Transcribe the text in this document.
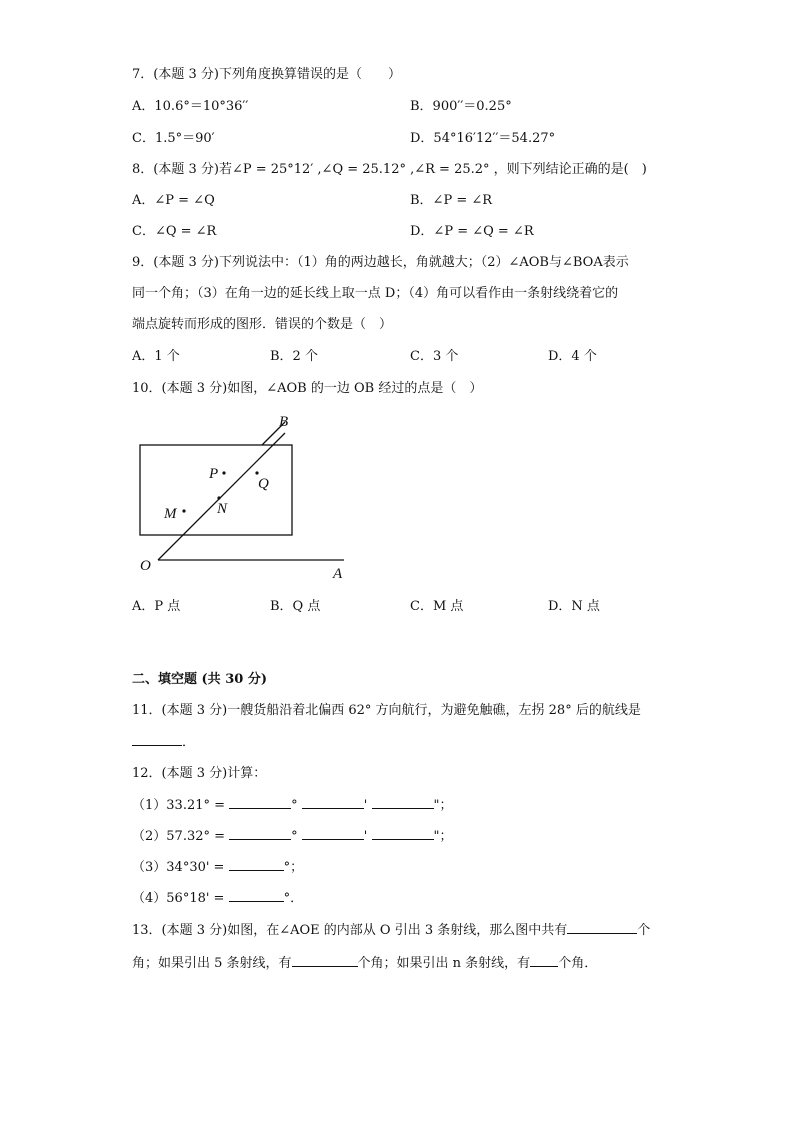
7．(本题 3 分)下列角度换算错误的是（　　）
A．10.6°＝10°36′′	B．900′′＝0.25°
C．1.5°＝90′	D．54°16′12′′＝54.27°
8．(本题 3 分)若∠P = 25°12′ ,∠Q = 25.12° ,∠R = 25.2° ，则下列结论正确的是(　)
A．∠P = ∠Q	B．∠P = ∠R
C．∠Q = ∠R	D．∠P = ∠Q = ∠R
9．(本题 3 分)下列说法中：（1）角的两边越长，角就越大；（2）∠AOB与∠BOA表示
同一个角；（3）在角一边的延长线上取一点 D；（4）角可以看作由一条射线绕着它的
端点旋转而形成的图形．错误的个数是（　）
A．1 个	B．2 个	C．3 个	D．4 个
10．(本题 3 分)如图，∠AOB 的一边 OB 经过的点是（　）
B
P
Q
N
M
O	A
A．P 点	B．Q 点	C．M 点	D．N 点
二、填空题 (共 30 分)
11．(本题 3 分)一艘货船沿着北偏西 62° 方向航行，为避免触礁，左拐 28° 后的航线是
．
12．(本题 3 分)计算：
（1）33.21° =	°	'	"；
（2）57.32° =	°	'	"；
（3）34°30' =	°；
（4）56°18' =	°．
13．(本题 3 分)如图，在∠AOE 的内部从 O 引出 3 条射线，那么图中共有	个
角；如果引出 5 条射线，有	个角；如果引出 n 条射线，有 个角．
